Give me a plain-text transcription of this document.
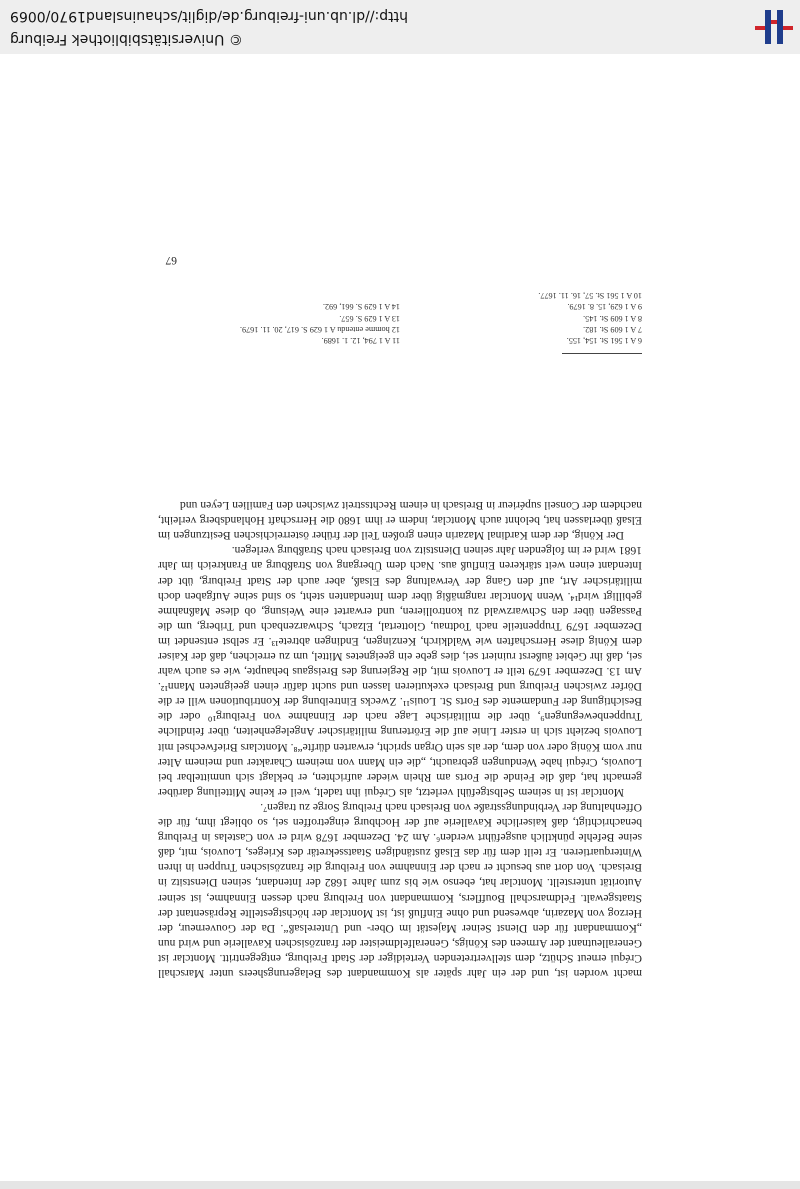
macht worden ist, und der ein Jahr später als Kommandant des Belagerungsheers unter Marschall Créqui erneut Schütz, dem stellvertretenden Verteidiger der Stadt Freiburg, entgegentritt. Montclar ist Generalleutnant der Armeen des Königs, Generalfeldmeister der französischen Kavallerie und wird nun „Kommandant für den Dienst Seiner Majestät im Ober- und Unterelsaß“. Da der Gouverneur, der Herzog von Mazarin, abwesend und ohne Einfluß ist, ist Montclar der höchstgestellte Repräsentant der Staatsgewalt. Feldmarschall Boufflers, Kommandant von Freiburg nach dessen Einnahme, ist seiner Autorität unterstellt. Montclar hat, ebenso wie bis zum Jahre 1682 der Intendant, seinen Dienstsitz in Breisach. Von dort aus besucht er nach der Einnahme von Freiburg die französischen Truppen in ihren Winterquartieren. Er teilt dem für das Elsaß zuständigen Staatssekretär des Krieges, Louvois, mit, daß seine Befehle pünktlich ausgeführt werden⁶. Am 24. Dezember 1678 wird er von Castelas in Freiburg benachrichtigt, daß kaiserliche Kavallerie auf der Hochburg eingetroffen sei, so obliegt ihm, für die Offenhaltung der Verbindungsstraße von Breisach nach Freiburg Sorge zu tragen⁷.

Montclar ist in seinem Selbstgefühl verletzt, als Créqui ihn tadelt, weil er keine Mitteilung darüber gemacht hat, daß die Feinde die Forts am Rhein wieder aufrichten, er beklagt sich unmittelbar bei Louvois, Créqui habe Wendungen gebraucht, „die ein Mann von meinem Charakter und meinem Alter nur vom König oder von dem, der als sein Organ spricht, erwarten dürfte“⁸. Montclars Briefwechsel mit Louvois bezieht sich in erster Linie auf die Erörterung militärischer Angelegenheiten, über feindliche Truppenbewegungen⁹, über die militärische Lage nach der Einnahme von Freiburg¹⁰ oder die Besichtigung der Fundamente des Forts St. Louis¹¹. Zwecks Eintreibung der Kontributionen will er die Dörfer zwischen Freiburg und Breisach exekutieren lassen und sucht dafür einen geeigneten Mann¹². Am 13. Dezember 1679 teilt er Louvois mit, die Regierung des Breisgaus behaupte, wie es auch wahr sei, daß ihr Gebiet äußerst ruiniert sei, dies gebe ein geeignetes Mittel, um zu erreichen, daß der Kaiser dem König diese Herrschaften wie Waldkirch, Kenzingen, Endingen abtrete¹³. Er selbst entsendet im Dezember 1679 Truppenteile nach Todtnau, Glottertal, Elzach, Schwarzenbach und Triberg, um die Passagen über den Schwarzwald zu kontrollieren, und erwartet eine Weisung, ob diese Maßnahme gebilligt wird¹⁴. Wenn Montclar rangmäßig über dem Intendanten steht, so sind seine Aufgaben doch militärischer Art, auf den Gang der Verwaltung des Elsaß, aber auch der Stadt Freiburg, übt der Intendant einen weit stärkeren Einfluß aus. Nach dem Übergang von Straßburg an Frankreich im Jahr 1681 wird er im folgenden Jahr seinen Dienstsitz von Breisach nach Straßburg verlegen.

Der König, der dem Kardinal Mazarin einen großen Teil der früher österreichischen Besitzungen im Elsaß überlassen hat, belohnt auch Montclar, indem er ihm 1680 die Herrschaft Hohlandsberg verleiht, nachdem der Conseil supérieur in Breisach in einem Rechtsstreit zwischen den Familien Leyen und

6 A 1 561 St. 154, 155.
11 A 1 794, 12. 1. 1689.
7 A 1 609 St. 182.
12 homme entendu A 1 629 S. 617, 20. 11. 1679.
8 A 1 609 St. 145.
13 A 1 629 S. 657.
9 A 1 629, 15. 8. 1679.
14 A 1 629 S. 661, 692.
10 A 1 561 St. 57, 16. 11. 1677.
67
© Universitätsbibliothek Freiburg
http://dl.ub.uni-freiburg.de/diglit/schauinsland1970/0069
